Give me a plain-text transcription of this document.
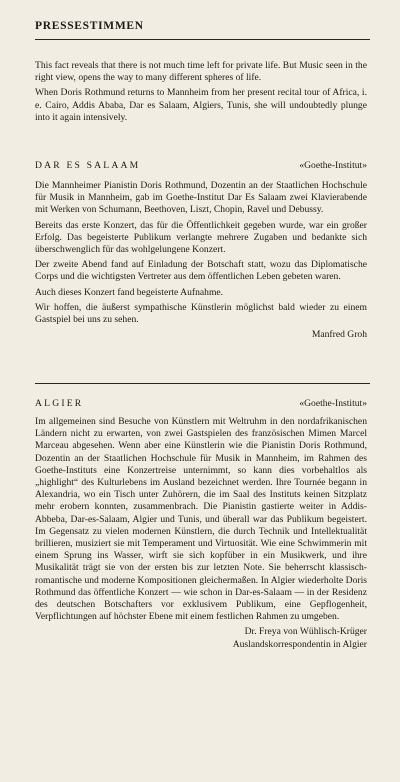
PRESSESTIMMEN

This fact reveals that there is not much time left for private life. But Music seen in the right view, opens the way to many different spheres of life.

When Doris Rothmund returns to Mannheim from her present recital tour of Africa, i. e. Cairo, Addis Ababa, Dar es Salaam, Algiers, Tunis, she will undoubtedly plunge into it again intensively.

DAR ES SALAAM	«Goethe-Institut»

Die Mannheimer Pianistin Doris Rothmund, Dozentin an der Staatlichen Hochschule für Musik in Mannheim, gab im Goethe-Institut Dar Es Salaam zwei Klavierabende mit Werken von Schumann, Beethoven, Liszt, Chopin, Ravel und Debussy.

Bereits das erste Konzert, das für die Öffentlichkeit gegeben wurde, war ein großer Erfolg. Das begeisterte Publikum verlangte mehrere Zugaben und bedankte sich überschwenglich für das wohlgelungene Konzert.

Der zweite Abend fand auf Einladung der Botschaft statt, wozu das Diplomatische Corps und die wichtigsten Vertreter aus dem öffentlichen Leben gebeten waren.

Auch dieses Konzert fand begeisterte Aufnahme.

Wir hoffen, die äußerst sympathische Künstlerin möglichst bald wieder zu einem Gastspiel bei uns zu sehen.

Manfred Groh
ALGIER	«Goethe-Institut»

Im allgemeinen sind Besuche von Künstlern mit Weltruhm in den nordafrikanischen Ländern nicht zu erwarten, von zwei Gastspielen des französischen Mimen Marcel Marceau abgesehen. Wenn aber eine Künstlerin wie die Pianistin Doris Rothmund, Dozentin an der Staatlichen Hochschule für Musik in Mannheim, im Rahmen des Goethe-Instituts eine Konzertreise unternimmt, so kann dies vorbehaltlos als „highlight“ des Kulturlebens im Ausland bezeichnet werden. Ihre Tournée begann in Alexandria, wo ein Tisch unter Zuhörern, die im Saal des Instituts keinen Sitzplatz mehr erobern konnten, zusammenbrach. Die Pianistin gastierte weiter in Addis-Abbeba, Dar-es-Salaam, Algier und Tunis, und überall war das Publikum begeistert. Im Gegensatz zu vielen modernen Künstlern, die durch Technik und Intellektualität brillieren, musiziert sie mit Temperament und Virtuosität. Wie eine Schwimmerin mit einem Sprung ins Wasser, wirft sie sich kopfüber in ein Musikwerk, und ihre Musikalität trägt sie von der ersten bis zur letzten Note. Sie beherrscht klassisch-romantische und moderne Kompositionen gleichermaßen. In Algier wiederholte Doris Rothmund das öffentliche Konzert — wie schon in Dar-es-Salaam — in der Residenz des deutschen Botschafters vor exklusivem Publikum, eine Gepflogenheit, Verpflichtungen auf höchster Ebene mit einem festlichen Rahmen zu umgeben.

Dr. Freya von Wühlisch-Krüger
Auslandskorrespondentin in Algier
